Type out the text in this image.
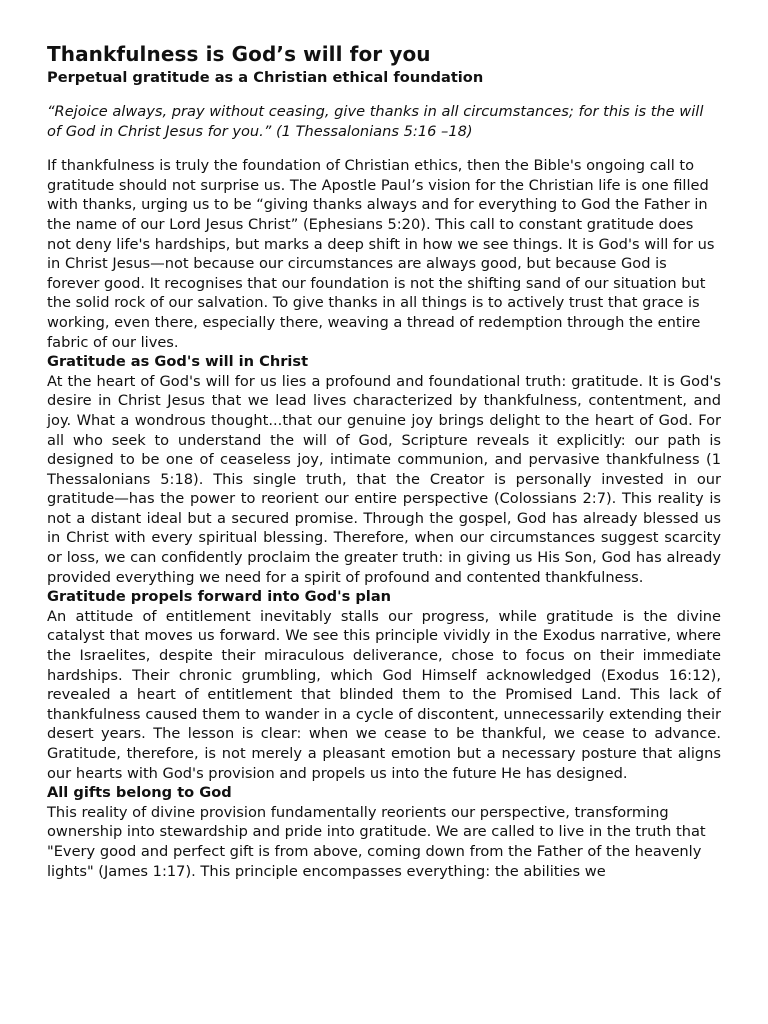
Thankfulness is God’s will for you
Perpetual gratitude as a Christian ethical foundation

“Rejoice always, pray without ceasing, give thanks in all circumstances; for this is the will of God in Christ Jesus for you.” (1 Thessalonians 5:16 –18)

If thankfulness is truly the foundation of Christian ethics, then the Bible's ongoing call to gratitude should not surprise us. The Apostle Paul’s vision for the Christian life is one filled with thanks, urging us to be “giving thanks always and for everything to God the Father in the name of our Lord Jesus Christ” (Ephesians 5:20). This call to constant gratitude does not deny life's hardships, but marks a deep shift in how we see things. It is God's will for us in Christ Jesus—not because our circumstances are always good, but because God is forever good. It recognises that our foundation is not the shifting sand of our situation but the solid rock of our salvation. To give thanks in all things is to actively trust that grace is working, even there, especially there, weaving a thread of redemption through the entire fabric of our lives.

Gratitude as God's will in Christ

At the heart of God's will for us lies a profound and foundational truth: gratitude. It is God's desire in Christ Jesus that we lead lives characterized by thankfulness, contentment, and joy. What a wondrous thought...that our genuine joy brings delight to the heart of God. For all who seek to understand the will of God, Scripture reveals it explicitly: our path is designed to be one of ceaseless joy, intimate communion, and pervasive thankfulness (1 Thessalonians 5:18). This single truth, that the Creator is personally invested in our gratitude—has the power to reorient our entire perspective (Colossians 2:7). This reality is not a distant ideal but a secured promise. Through the gospel, God has already blessed us in Christ with every spiritual blessing. Therefore, when our circumstances suggest scarcity or loss, we can confidently proclaim the greater truth: in giving us His Son, God has already provided everything we need for a spirit of profound and contented thankfulness.

Gratitude propels forward into God's plan

An attitude of entitlement inevitably stalls our progress, while gratitude is the divine catalyst that moves us forward. We see this principle vividly in the Exodus narrative, where the Israelites, despite their miraculous deliverance, chose to focus on their immediate hardships. Their chronic grumbling, which God Himself acknowledged (Exodus 16:12), revealed a heart of entitlement that blinded them to the Promised Land. This lack of thankfulness caused them to wander in a cycle of discontent, unnecessarily extending their desert years. The lesson is clear: when we cease to be thankful, we cease to advance. Gratitude, therefore, is not merely a pleasant emotion but a necessary posture that aligns our hearts with God's provision and propels us into the future He has designed.

All gifts belong to God

This reality of divine provision fundamentally reorients our perspective, transforming ownership into stewardship and pride into gratitude. We are called to live in the truth that "Every good and perfect gift is from above, coming down from the Father of the heavenly lights" (James 1:17). This principle encompasses everything: the abilities we
